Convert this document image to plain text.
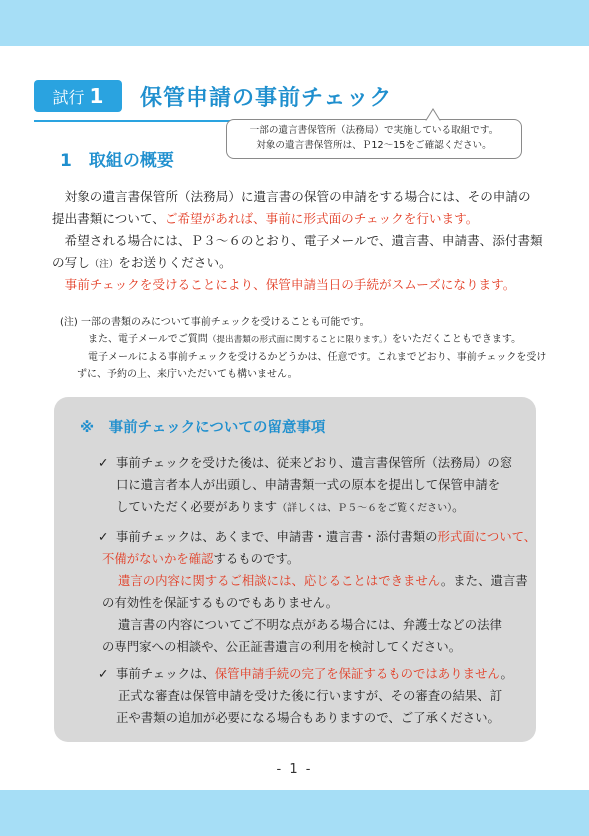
試行 1 保管申請の事前チェック
一部の遺言書保管所（法務局）で実施している取組です。
対象の遺言書保管所は、Ｐ12～15をご確認ください。
1　取組の概要

　対象の遺言書保管所（法務局）に遺言書の保管の申請をする場合には、その申請の
提出書類について、ご希望があれば、事前に形式面のチェックを行います。

　希望される場合には、Ｐ３～６のとおり、電子メールで、遺言書、申請書、添付書類
の写し（注）をお送りください。

　事前チェックを受けることにより、保管申請当日の手続がスムーズになります。

(注) 一部の書類のみについて事前チェックを受けることも可能です。
また、電子メールでご質問（提出書類の形式面に関することに限ります。）をいただくこともできます。
電子メールによる事前チェックを受けるかどうかは、任意です。これまでどおり、事前チェックを受け
ずに、予約の上、来庁いただいても構いません。
※　事前チェックについての留意事項
✓ 事前チェックを受けた後は、従来どおり、遺言書保管所（法務局）の窓
口に遺言者本人が出頭し、申請書類一式の原本を提出して保管申請を
していただく必要があります（詳しくは、Ｐ５～６をご覧ください）。
✓ 事前チェックは、あくまで、申請書・遺言書・添付書類の形式面について、
不備がないかを確認するものです。
遺言の内容に関するご相談には、応じることはできません。また、遺言書
の有効性を保証するものでもありません。
遺言書の内容についてご不明な点がある場合には、弁護士などの法律
の専門家への相談や、公正証書遺言の利用を検討してください。
✓ 事前チェックは、保管申請手続の完了を保証するものではありません。
正式な審査は保管申請を受けた後に行いますが、その審査の結果、訂
正や書類の追加が必要になる場合もありますので、ご了承ください。
- 1 -
